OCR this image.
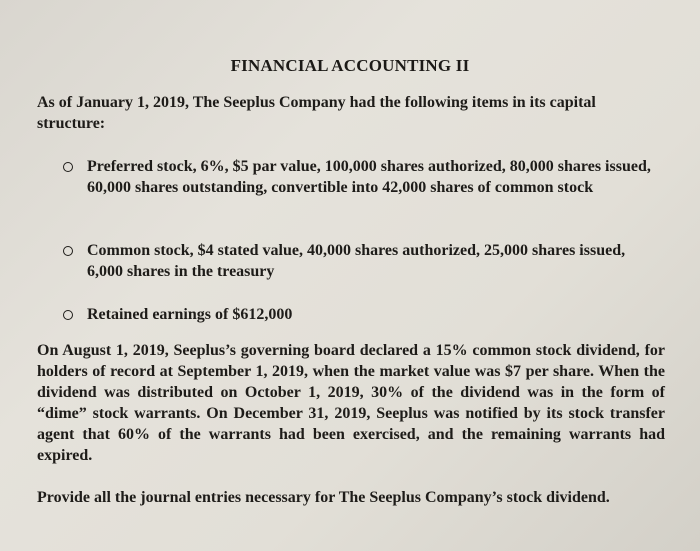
FINANCIAL ACCOUNTING II
As of January 1, 2019, The Seeplus Company had the following items in its capital structure:
Preferred stock, 6%, $5 par value, 100,000 shares authorized, 80,000 shares issued, 60,000 shares outstanding, convertible into 42,000 shares of common stock
Common stock, $4 stated value, 40,000 shares authorized, 25,000 shares issued, 6,000 shares in the treasury
Retained earnings of $612,000
On August 1, 2019, Seeplus’s governing board declared a 15% common stock dividend, for holders of record at September 1, 2019, when the market value was $7 per share. When the dividend was distributed on October 1, 2019, 30% of the dividend was in the form of “dime” stock warrants. On December 31, 2019, Seeplus was notified by its stock transfer agent that 60% of the warrants had been exercised, and the remaining warrants had expired.
Provide all the journal entries necessary for The Seeplus Company’s stock dividend.
